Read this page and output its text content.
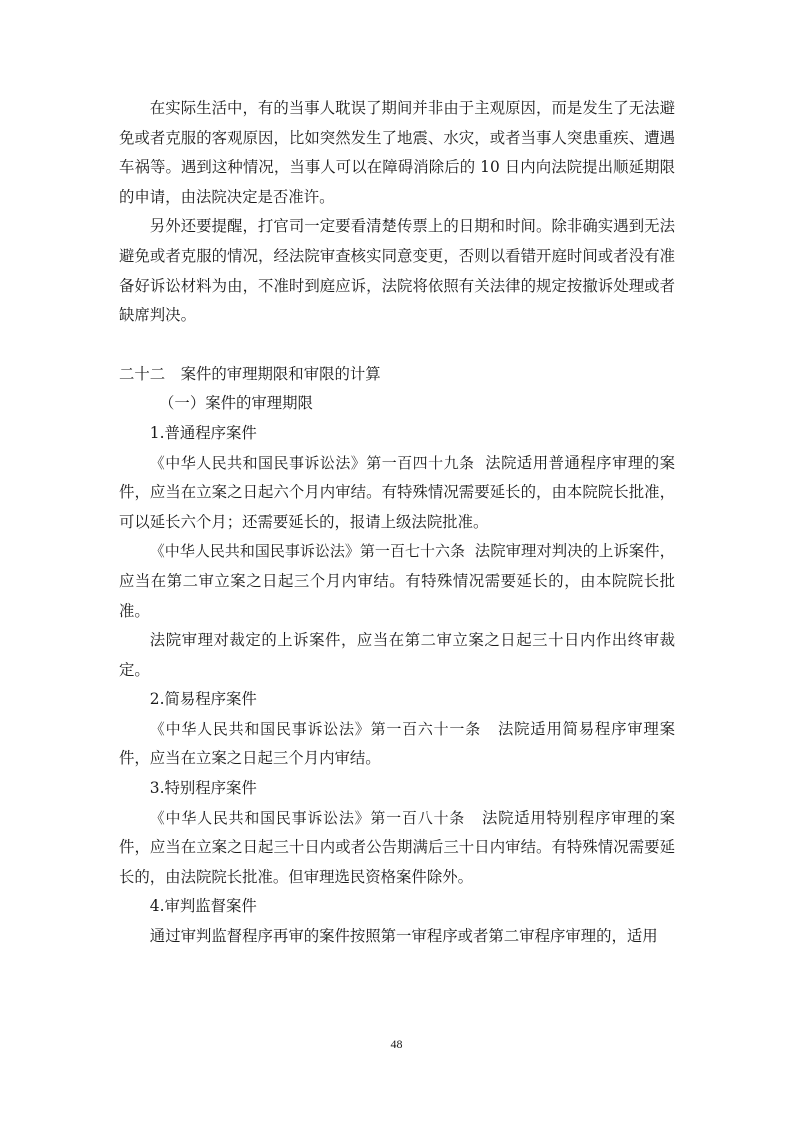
在实际生活中，有的当事人耽误了期间并非由于主观原因，而是发生了无法避免或者克服的客观原因，比如突然发生了地震、水灾，或者当事人突患重疾、遭遇车祸等。遇到这种情况，当事人可以在障碍消除后的 10 日内向法院提出顺延期限的申请，由法院决定是否准许。

另外还要提醒，打官司一定要看清楚传票上的日期和时间。除非确实遇到无法避免或者克服的情况，经法院审查核实同意变更，否则以看错开庭时间或者没有准备好诉讼材料为由，不准时到庭应诉，法院将依照有关法律的规定按撤诉处理或者缺席判决。

二十二　案件的审理期限和审限的计算

（一）案件的审理期限

1.普通程序案件

《中华人民共和国民事诉讼法》第一百四十九条 法院适用普通程序审理的案件，应当在立案之日起六个月内审结。有特殊情况需要延长的，由本院院长批准，可以延长六个月；还需要延长的，报请上级法院批准。

《中华人民共和国民事诉讼法》第一百七十六条 法院审理对判决的上诉案件，应当在第二审立案之日起三个月内审结。有特殊情况需要延长的，由本院院长批准。

法院审理对裁定的上诉案件，应当在第二审立案之日起三十日内作出终审裁定。

2.简易程序案件

《中华人民共和国民事诉讼法》第一百六十一条 法院适用简易程序审理案件，应当在立案之日起三个月内审结。

3.特别程序案件

《中华人民共和国民事诉讼法》第一百八十条 法院适用特别程序审理的案件，应当在立案之日起三十日内或者公告期满后三十日内审结。有特殊情况需要延长的，由法院院长批准。但审理选民资格案件除外。

4.审判监督案件

通过审判监督程序再审的案件按照第一审程序或者第二审程序审理的，适用

48
